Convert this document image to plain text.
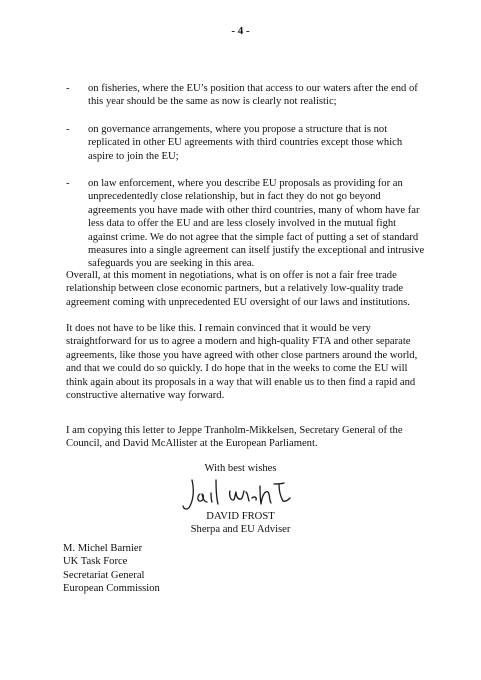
- 4 -
- on fisheries, where the EU’s position that access to our waters after the end of this year should be the same as now is clearly not realistic;
- on governance arrangements, where you propose a structure that is not replicated in other EU agreements with third countries except those which aspire to join the EU;
- on law enforcement, where you describe EU proposals as providing for an unprecedentedly close relationship, but in fact they do not go beyond agreements you have made with other third countries, many of whom have far less data to offer the EU and are less closely involved in the mutual fight against crime. We do not agree that the simple fact of putting a set of standard measures into a single agreement can itself justify the exceptional and intrusive safeguards you are seeking in this area.
Overall, at this moment in negotiations, what is on offer is not a fair free trade relationship between close economic partners, but a relatively low-quality trade agreement coming with unprecedented EU oversight of our laws and institutions.
It does not have to be like this. I remain convinced that it would be very straightforward for us to agree a modern and high-quality FTA and other separate agreements, like those you have agreed with other close partners around the world, and that we could do so quickly. I do hope that in the weeks to come the EU will think again about its proposals in a way that will enable us to then find a rapid and constructive alternative way forward.
I am copying this letter to Jeppe Tranholm-Mikkelsen, Secretary General of the Council, and David McAllister at the European Parliament.
With best wishes
DAVID FROST
Sherpa and EU Adviser
M. Michel Barnier
UK Task Force
Secretariat General
European Commission
